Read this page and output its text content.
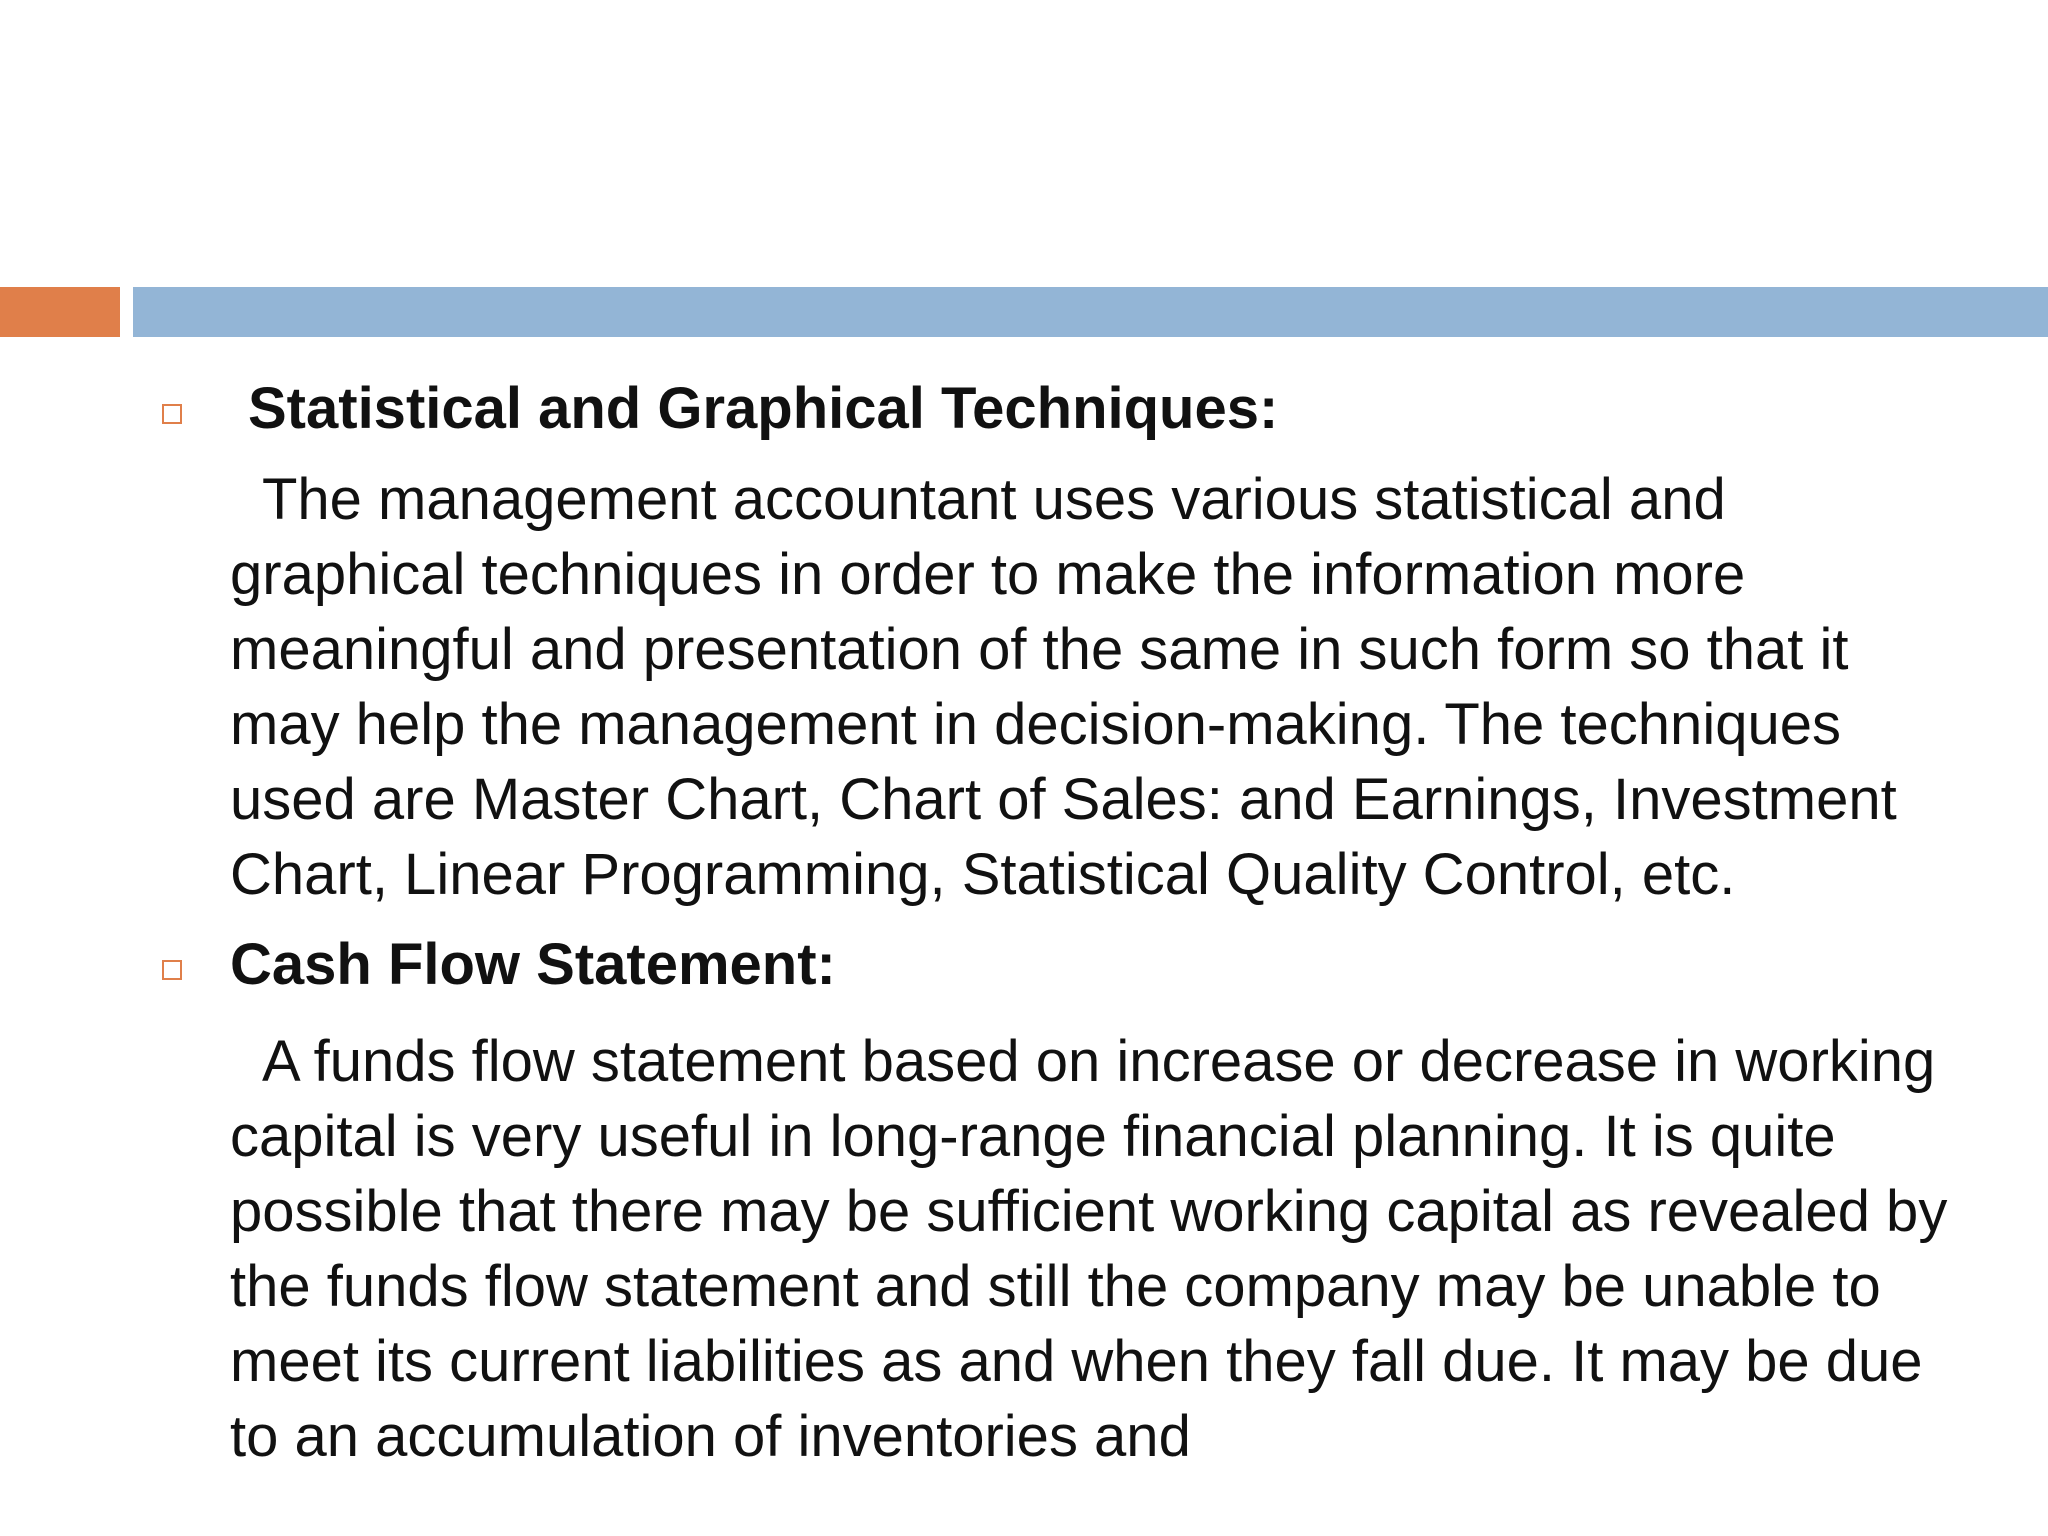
Statistical and Graphical Techniques:

The management accountant uses various statistical and graphical techniques in order to make the information more meaningful and presentation of the same in such form so that it may help the management in decision-making. The techniques used are Master Chart, Chart of Sales: and Earnings, Investment Chart, Linear Programming, Statistical Quality Control, etc.

Cash Flow Statement:

A funds flow statement based on increase or decrease in working capital is very useful in long-range financial planning. It is quite possible that there may be sufficient working capital as revealed by the funds flow statement and still the company may be unable to meet its current liabilities as and when they fall due. It may be due to an accumulation of inventories and
